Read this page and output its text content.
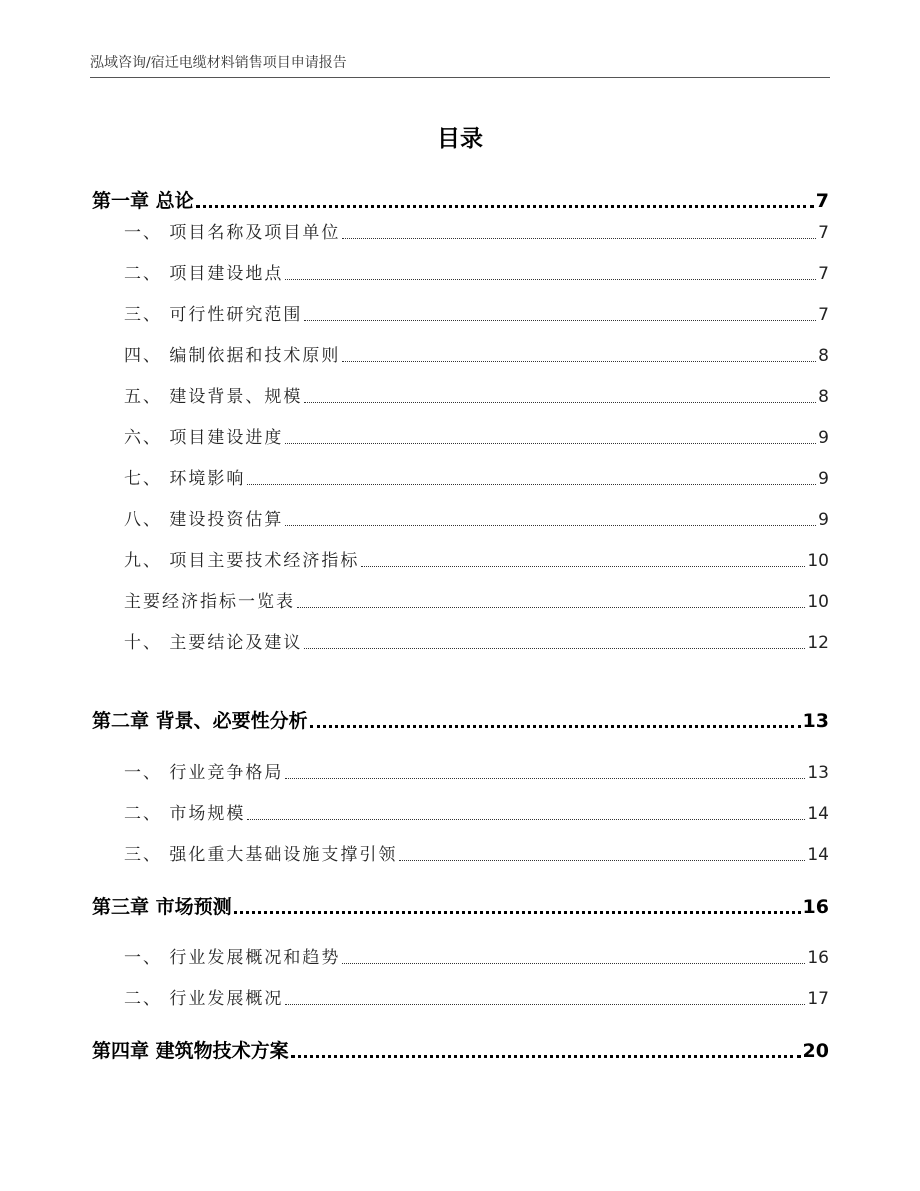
泓域咨询/宿迁电缆材料销售项目申请报告
目录
第一章 总论	7
一、 项目名称及项目单位	7
二、 项目建设地点	7
三、 可行性研究范围	7
四、 编制依据和技术原则	8
五、 建设背景、规模	8
六、 项目建设进度	9
七、 环境影响	9
八、 建设投资估算	9
九、 项目主要技术经济指标	10
主要经济指标一览表	10
十、 主要结论及建议	12
第二章 背景、必要性分析	13
一、 行业竞争格局	13
二、 市场规模	14
三、 强化重大基础设施支撑引领	14
第三章 市场预测	16
一、 行业发展概况和趋势	16
二、 行业发展概况	17
第四章 建筑物技术方案	20
